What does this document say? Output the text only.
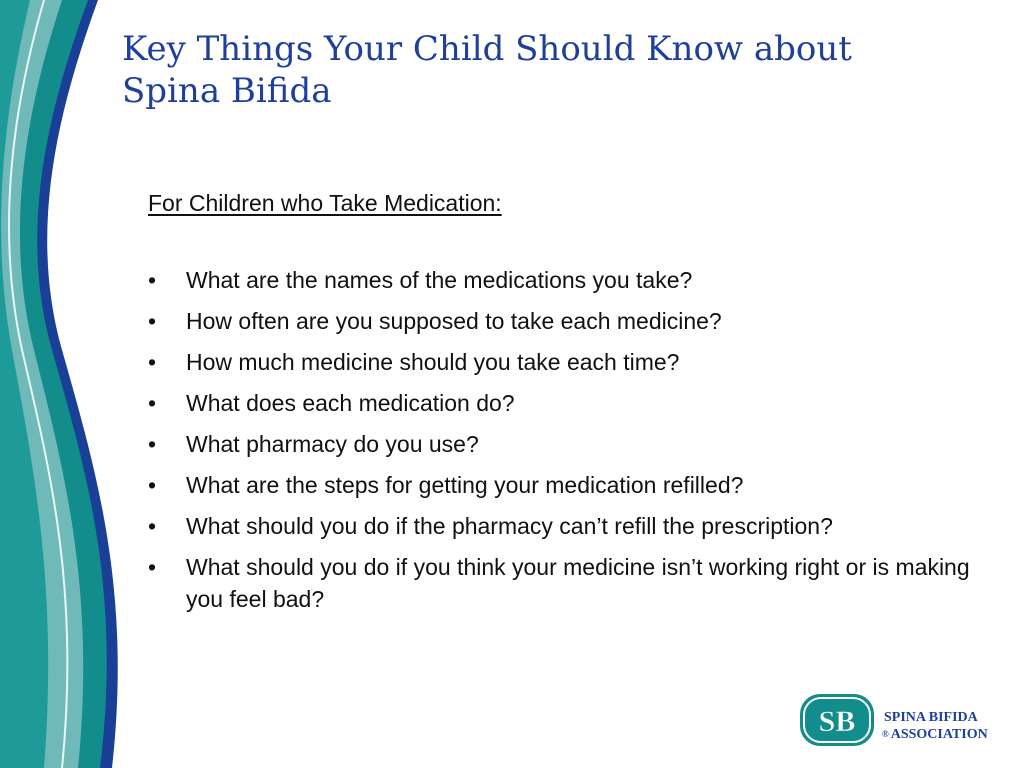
Key Things Your Child Should Know about
Spina Bifida

For Children who Take Medication:

• What are the names of the medications you take?
• How often are you supposed to take each medicine?
• How much medicine should you take each time?
• What does each medication do?
• What pharmacy do you use?
• What are the steps for getting your medication refilled?
• What should you do if the pharmacy can’t refill the prescription?
• What should you do if you think your medicine isn’t working right or is making you feel bad?
SB SPINA BIFIDA
® ASSOCIATION
